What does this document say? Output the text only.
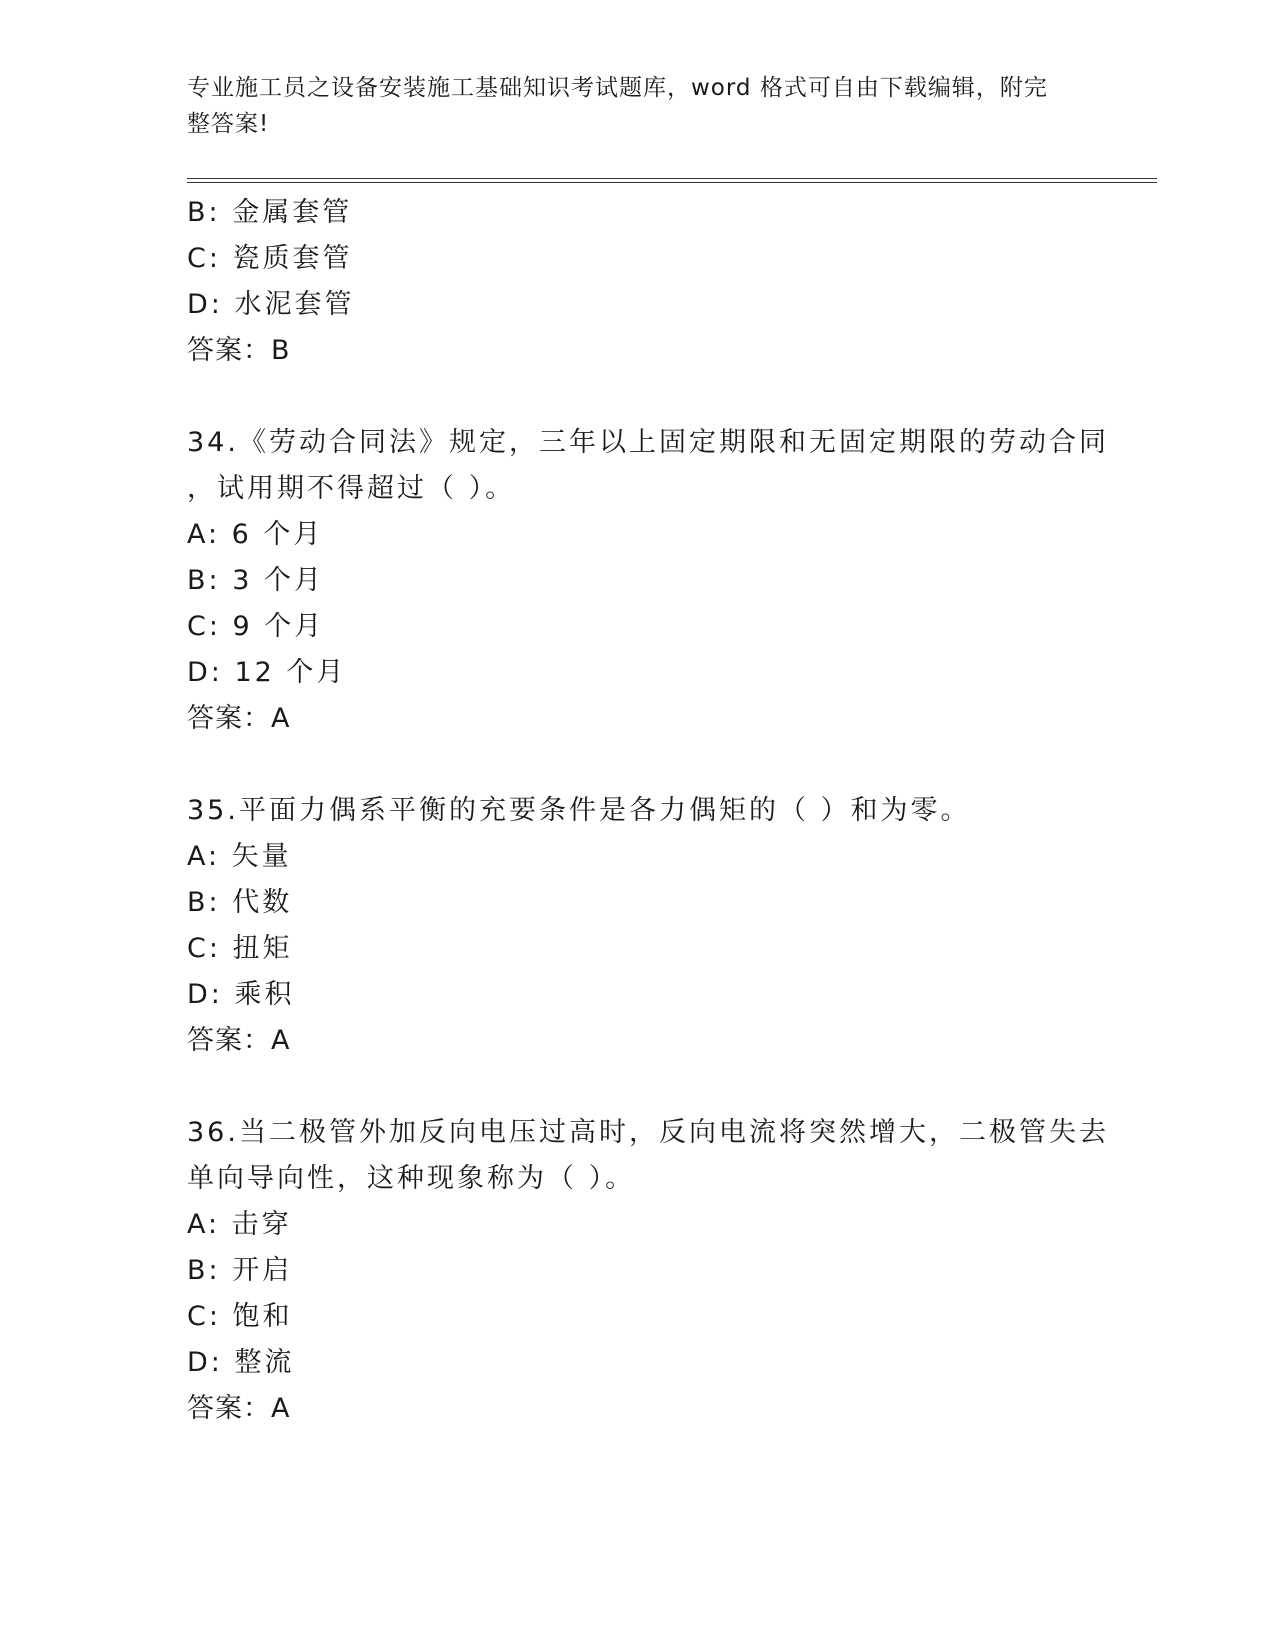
专业施工员之设备安装施工基础知识考试题库，word 格式可自由下载编辑，附完整答案!
B: 金属套管
C: 瓷质套管
D: 水泥套管
答案：B
34.《劳动合同法》规定，三年以上固定期限和无固定期限的劳动合同
，试用期不得超过（ ）。
A: 6 个月
B: 3 个月
C: 9 个月
D: 12 个月
答案：A
35.平面力偶系平衡的充要条件是各力偶矩的（ ）和为零。
A: 矢量
B: 代数
C: 扭矩
D: 乘积
答案：A
36.当二极管外加反向电压过高时，反向电流将突然增大，二极管失去
单向导向性，这种现象称为（ ）。
A: 击穿
B: 开启
C: 饱和
D: 整流
答案：A
